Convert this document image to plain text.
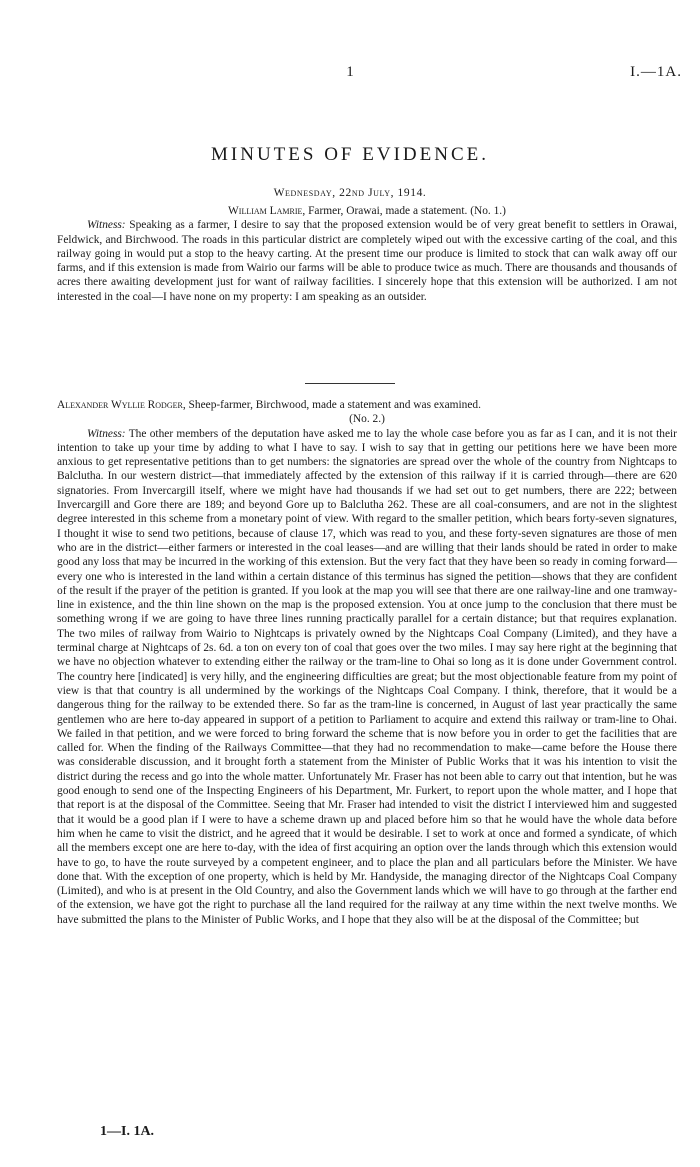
1	I.—1A.
MINUTES OF EVIDENCE.
Wednesday, 22nd July, 1914.
William Lamrie, Farmer, Orawai, made a statement. (No. 1.)

Witness: Speaking as a farmer, I desire to say that the proposed extension would be of very great benefit to settlers in Orawai, Feldwick, and Birchwood. The roads in this particular district are completely wiped out with the excessive carting of the coal, and this railway going in would put a stop to the heavy carting. At the present time our produce is limited to stock that can walk away off our farms, and if this extension is made from Wairio our farms will be able to produce twice as much. There are thousands and thousands of acres there awaiting development just for want of railway facilities. I sincerely hope that this extension will be authorized. I am not interested in the coal—I have none on my property: I am speaking as an outsider.

Alexander Wyllie Rodger, Sheep-farmer, Birchwood, made a statement and was examined.
(No. 2.)

Witness: The other members of the deputation have asked me to lay the whole case before you as far as I can, and it is not their intention to take up your time by adding to what I have to say. I wish to say that in getting our petitions here we have been more anxious to get representative petitions than to get numbers: the signatories are spread over the whole of the country from Nightcaps to Balclutha. In our western district—that immediately affected by the extension of this railway if it is carried through—there are 620 signatories. From Invercargill itself, where we might have had thousands if we had set out to get numbers, there are 222; between Invercargill and Gore there are 189; and beyond Gore up to Balclutha 262. These are all coal-consumers, and are not in the slightest degree interested in this scheme from a monetary point of view. With regard to the smaller petition, which bears forty-seven signatures, I thought it wise to send two petitions, because of clause 17, which was read to you, and these forty-seven signatures are those of men who are in the district—either farmers or interested in the coal leases—and are willing that their lands should be rated in order to make good any loss that may be incurred in the working of this extension. But the very fact that they have been so ready in coming forward—every one who is interested in the land within a certain distance of this terminus has signed the petition—shows that they are confident of the result if the prayer of the petition is granted. If you look at the map you will see that there are one railway-line and one tramway-line in existence, and the thin line shown on the map is the proposed extension. You at once jump to the conclusion that there must be something wrong if we are going to have three lines running practically parallel for a certain distance; but that requires explanation. The two miles of railway from Wairio to Nightcaps is privately owned by the Nightcaps Coal Company (Limited), and they have a terminal charge at Nightcaps of 2s. 6d. a ton on every ton of coal that goes over the two miles. I may say here right at the beginning that we have no objection whatever to extending either the railway or the tram-line to Ohai so long as it is done under Government control. The country here [indicated] is very hilly, and the engineering difficulties are great; but the most objectionable feature from my point of view is that that country is all undermined by the workings of the Nightcaps Coal Company. I think, therefore, that it would be a dangerous thing for the railway to be extended there. So far as the tram-line is concerned, in August of last year practically the same gentlemen who are here to-day appeared in support of a petition to Parliament to acquire and extend this railway or tram-line to Ohai. We failed in that petition, and we were forced to bring forward the scheme that is now before you in order to get the facilities that are called for. When the finding of the Railways Committee—that they had no recommendation to make—came before the House there was considerable discussion, and it brought forth a statement from the Minister of Public Works that it was his intention to visit the district during the recess and go into the whole matter. Unfortunately Mr. Fraser has not been able to carry out that intention, but he was good enough to send one of the Inspecting Engineers of his Department, Mr. Furkert, to report upon the whole matter, and I hope that that report is at the disposal of the Committee. Seeing that Mr. Fraser had intended to visit the district I interviewed him and suggested that it would be a good plan if I were to have a scheme drawn up and placed before him so that he would have the whole data before him when he came to visit the district, and he agreed that it would be desirable. I set to work at once and formed a syndicate, of which all the members except one are here to-day, with the idea of first acquiring an option over the lands through which this extension would have to go, to have the route surveyed by a competent engineer, and to place the plan and all particulars before the Minister. We have done that. With the exception of one property, which is held by Mr. Handyside, the managing director of the Nightcaps Coal Company (Limited), and who is at present in the Old Country, and also the Government lands which we will have to go through at the farther end of the extension, we have got the right to purchase all the land required for the railway at any time within the next twelve months. We have submitted the plans to the Minister of Public Works, and I hope that they also will be at the disposal of the Committee; but

1—I. 1A.
